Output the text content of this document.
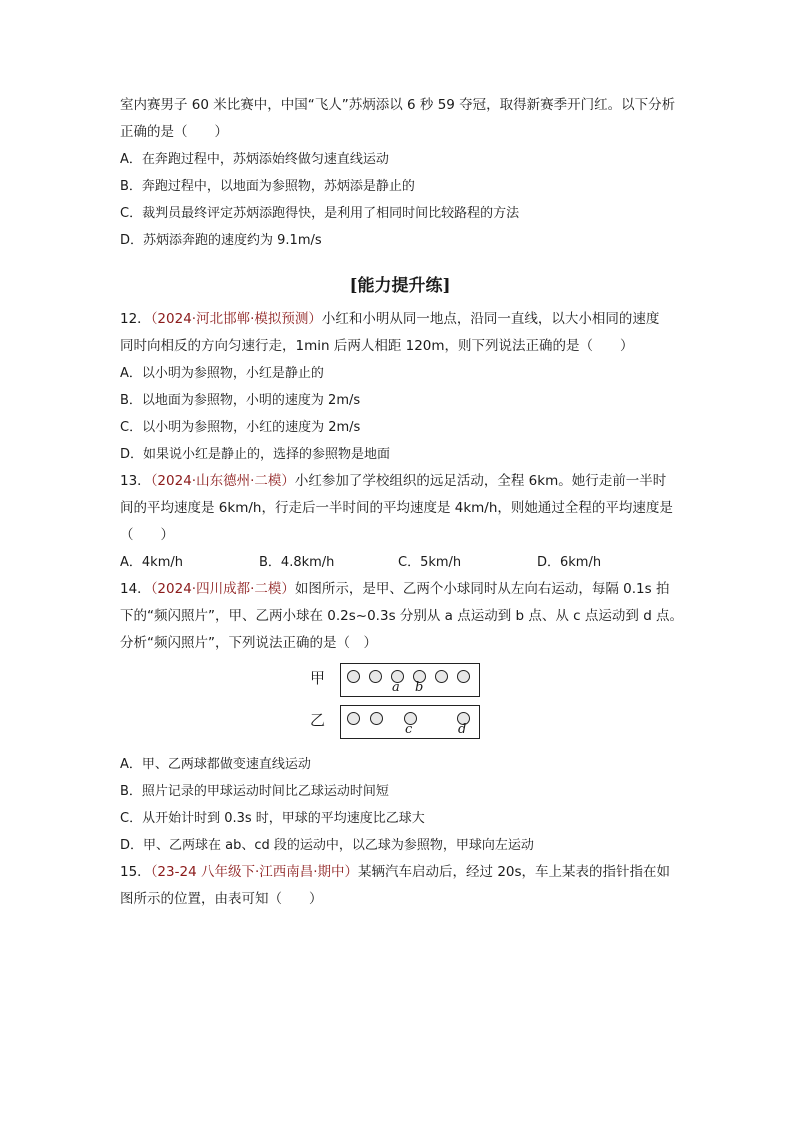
室内赛男子 60 米比赛中，中国“飞人”苏炳添以 6 秒 59 夺冠，取得新赛季开门红。以下分析
正确的是（　　）
A．在奔跑过程中，苏炳添始终做匀速直线运动
B．奔跑过程中，以地面为参照物，苏炳添是静止的
C．裁判员最终评定苏炳添跑得快，是利用了相同时间比较路程的方法
D．苏炳添奔跑的速度约为 9.1m/s
[能力提升练]
12．（2024·河北邯郸·模拟预测）小红和小明从同一地点，沿同一直线，以大小相同的速度
同时向相反的方向匀速行走，1min 后两人相距 120m，则下列说法正确的是（　　）
A．以小明为参照物，小红是静止的
B．以地面为参照物，小明的速度为 2m/s
C．以小明为参照物，小红的速度为 2m/s
D．如果说小红是静止的，选择的参照物是地面
13．（2024·山东德州·二模）小红参加了学校组织的远足活动，全程 6km。她行走前一半时
间的平均速度是 6km/h，行走后一半时间的平均速度是 4km/h，则她通过全程的平均速度是
（　　）
A．4km/h	B．4.8km/h	C．5km/h	D．6km/h
14．（2024·四川成都·二模）如图所示，是甲、乙两个小球同时从左向右运动，每隔 0.1s 拍
下的“频闪照片”，甲、乙两小球在 0.2s~0.3s 分别从 a 点运动到 b 点、从 c 点运动到 d 点。
分析“频闪照片”，下列说法正确的是（　）
甲
a b
乙
c	d
A．甲、乙两球都做变速直线运动
B．照片记录的甲球运动时间比乙球运动时间短
C．从开始计时到 0.3s 时，甲球的平均速度比乙球大
D．甲、乙两球在 ab、cd 段的运动中，以乙球为参照物，甲球向左运动
15．（23-24 八年级下·江西南昌·期中）某辆汽车启动后，经过 20s，车上某表的指针指在如
图所示的位置，由表可知（　　）
